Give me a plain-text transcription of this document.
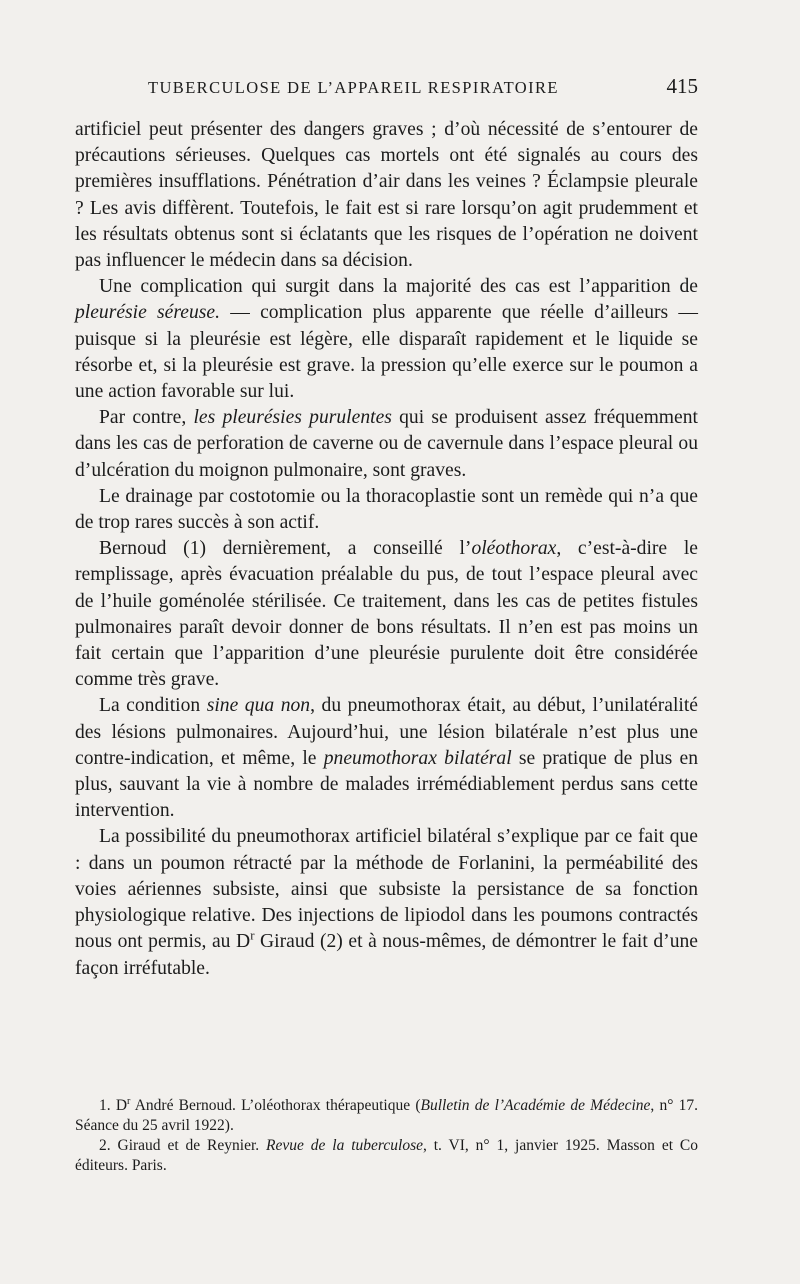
TUBERCULOSE DE L’APPAREIL RESPIRATOIRE	415

artificiel peut présenter des dangers graves ; d’où nécessité de s’entourer de précautions sérieuses. Quelques cas mortels ont été signalés au cours des premières insufflations. Pénétration d’air dans les veines ? Éclampsie pleurale ? Les avis diffèrent. Toutefois, le fait est si rare lorsqu’on agit prudemment et les résultats obtenus sont si éclatants que les risques de l’opération ne doivent pas influencer le médecin dans sa décision.

Une complication qui surgit dans la majorité des cas est l’apparition de pleurésie séreuse. — complication plus apparente que réelle d’ailleurs — puisque si la pleurésie est légère, elle disparaît rapidement et le liquide se résorbe et, si la pleurésie est grave. la pression qu’elle exerce sur le poumon a une action favorable sur lui.

Par contre, les pleurésies purulentes qui se produisent assez fréquemment dans les cas de perforation de caverne ou de cavernule dans l’espace pleural ou d’ulcération du moignon pulmonaire, sont graves.

Le drainage par costotomie ou la thoracoplastie sont un remède qui n’a que de trop rares succès à son actif.

Bernoud (1) dernièrement, a conseillé l’oléothorax, c’est-à-dire le remplissage, après évacuation préalable du pus, de tout l’espace pleural avec de l’huile goménolée stérilisée. Ce traitement, dans les cas de petites fistules pulmonaires paraît devoir donner de bons résultats. Il n’en est pas moins un fait certain que l’apparition d’une pleurésie purulente doit être considérée comme très grave.

La condition sine qua non, du pneumothorax était, au début, l’unilatéralité des lésions pulmonaires. Aujourd’hui, une lésion bilatérale n’est plus une contre-indication, et même, le pneumothorax bilatéral se pratique de plus en plus, sauvant la vie à nombre de malades irrémédiablement perdus sans cette intervention.

La possibilité du pneumothorax artificiel bilatéral s’explique par ce fait que : dans un poumon rétracté par la méthode de Forlanini, la perméabilité des voies aériennes subsiste, ainsi que subsiste la persistance de sa fonction physiologique relative. Des injections de lipiodol dans les poumons contractés nous ont permis, au $D^r$ Giraud (2) et à nous-mêmes, de démontrer le fait d’une façon irréfutable.

1. $D^r$ André Bernoud. L’oléothorax thérapeutique (Bulletin de l’Académie de Médecine, n° 17. Séance du 25 avril 1922).

2. Giraud et de Reynier. Revue de la tuberculose, t. VI, n° 1, janvier 1925. Masson et Co éditeurs. Paris.
